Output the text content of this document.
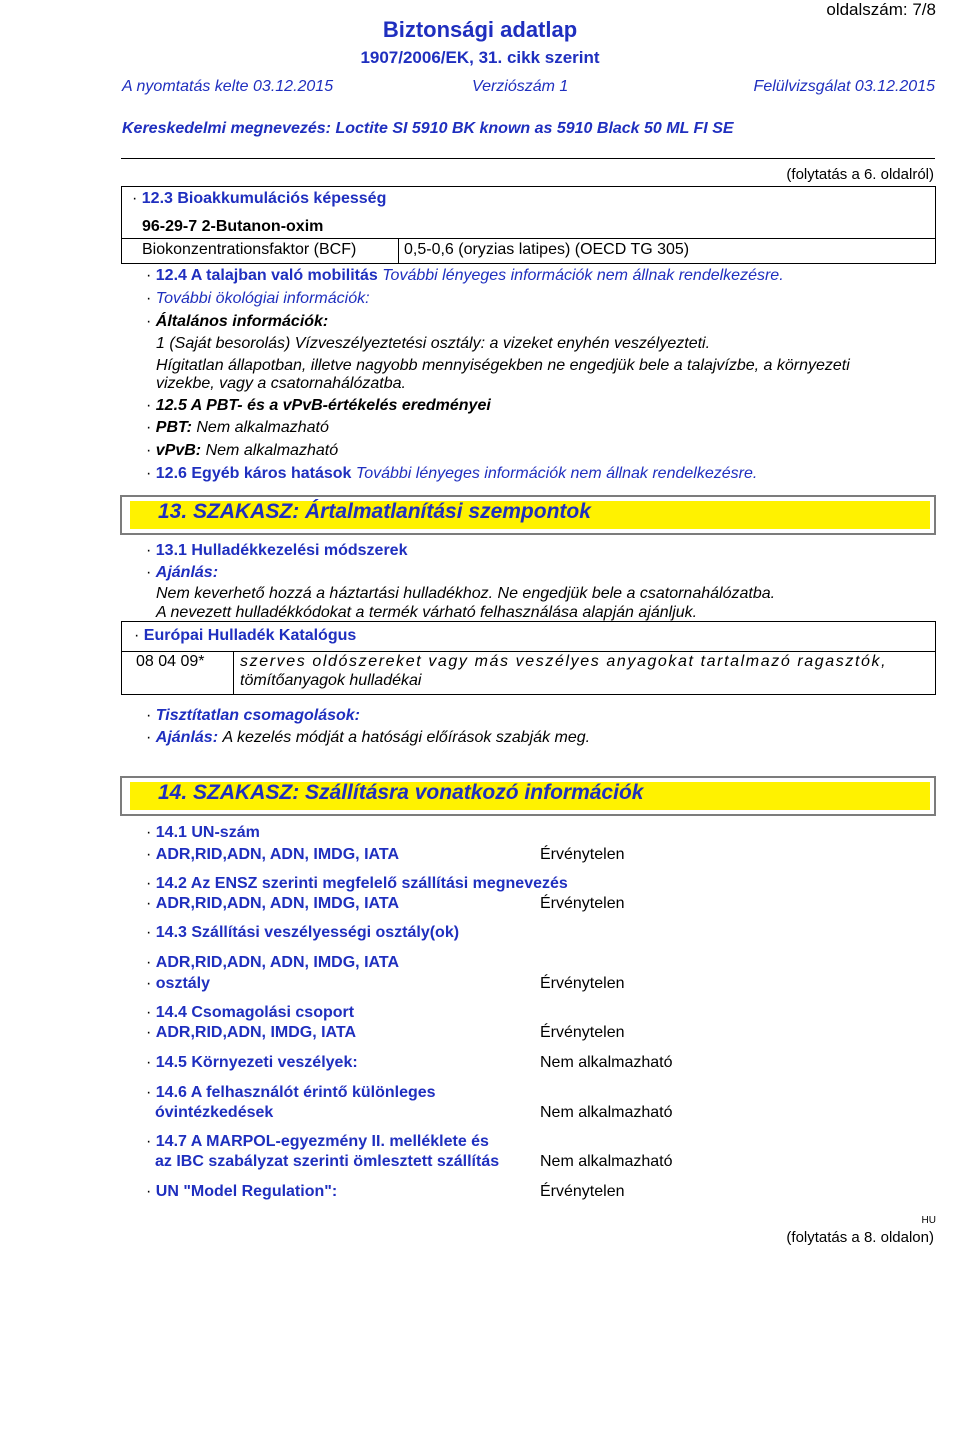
oldalszám: 7/8
Biztonsági adatlap
1907/2006/EK, 31. cikk szerint
A nyomtatás kelte 03.12.2015	Verziószám 1	Felülvizsgálat 03.12.2015
Kereskedelmi megnevezés: Loctite SI 5910 BK known as 5910 Black 50 ML FI SE
(folytatás a 6. oldalról)
· 12.3 Bioakkumulációs képesség
96-29-7 2-Butanon-oxim
Biokonzentrationsfaktor (BCF)	0,5-0,6 (oryzias latipes) (OECD TG 305)
· 12.4 A talajban való mobilitás További lényeges információk nem állnak rendelkezésre.
· További ökológiai információk:
· Általános információk:
1 (Saját besorolás) Vízveszélyeztetési osztály: a vizeket enyhén veszélyezteti.
Hígitatlan állapotban, illetve nagyobb mennyiségekben ne engedjük bele a talajvízbe, a környezeti
vizekbe, vagy a csatornahálózatba.
· 12.5 A PBT- és a vPvB-értékelés eredményei
· PBT: Nem alkalmazható
· vPvB: Nem alkalmazható
· 12.6 Egyéb káros hatások További lényeges információk nem állnak rendelkezésre.
13. SZAKASZ: Ártalmatlanítási szempontok
· 13.1 Hulladékkezelési módszerek
· Ajánlás:
Nem keverhető hozzá a háztartási hulladékhoz. Ne engedjük bele a csatornahálózatba.
A nevezett hulladékkódokat a termék várható felhasználása alapján ajánljuk.
· Európai Hulladék Katalógus
08 04 09* szerves oldószereket vagy más veszélyes anyagokat tartalmazó ragasztók,
tömítőanyagok hulladékai
· Tisztítatlan csomagolások:
· Ajánlás: A kezelés módját a hatósági előírások szabják meg.
14. SZAKASZ: Szállításra vonatkozó információk
· 14.1 UN-szám
· ADR,RID,ADN, ADN, IMDG, IATA	Érvénytelen
· 14.2 Az ENSZ szerinti megfelelő szállítási megnevezés
· ADR,RID,ADN, ADN, IMDG, IATA	Érvénytelen
· 14.3 Szállítási veszélyességi osztály(ok)
· ADR,RID,ADN, ADN, IMDG, IATA
· osztály	Érvénytelen
· 14.4 Csomagolási csoport
· ADR,RID,ADN, IMDG, IATA	Érvénytelen
· 14.5 Környezeti veszélyek:	Nem alkalmazható
· 14.6 A felhasználót érintő különleges
óvintézkedések	Nem alkalmazható
· 14.7 A MARPOL-egyezmény II. melléklete és
az IBC szabályzat szerinti ömlesztett szállítás	Nem alkalmazható
· UN "Model Regulation":	Érvénytelen
HU
(folytatás a 8. oldalon)
